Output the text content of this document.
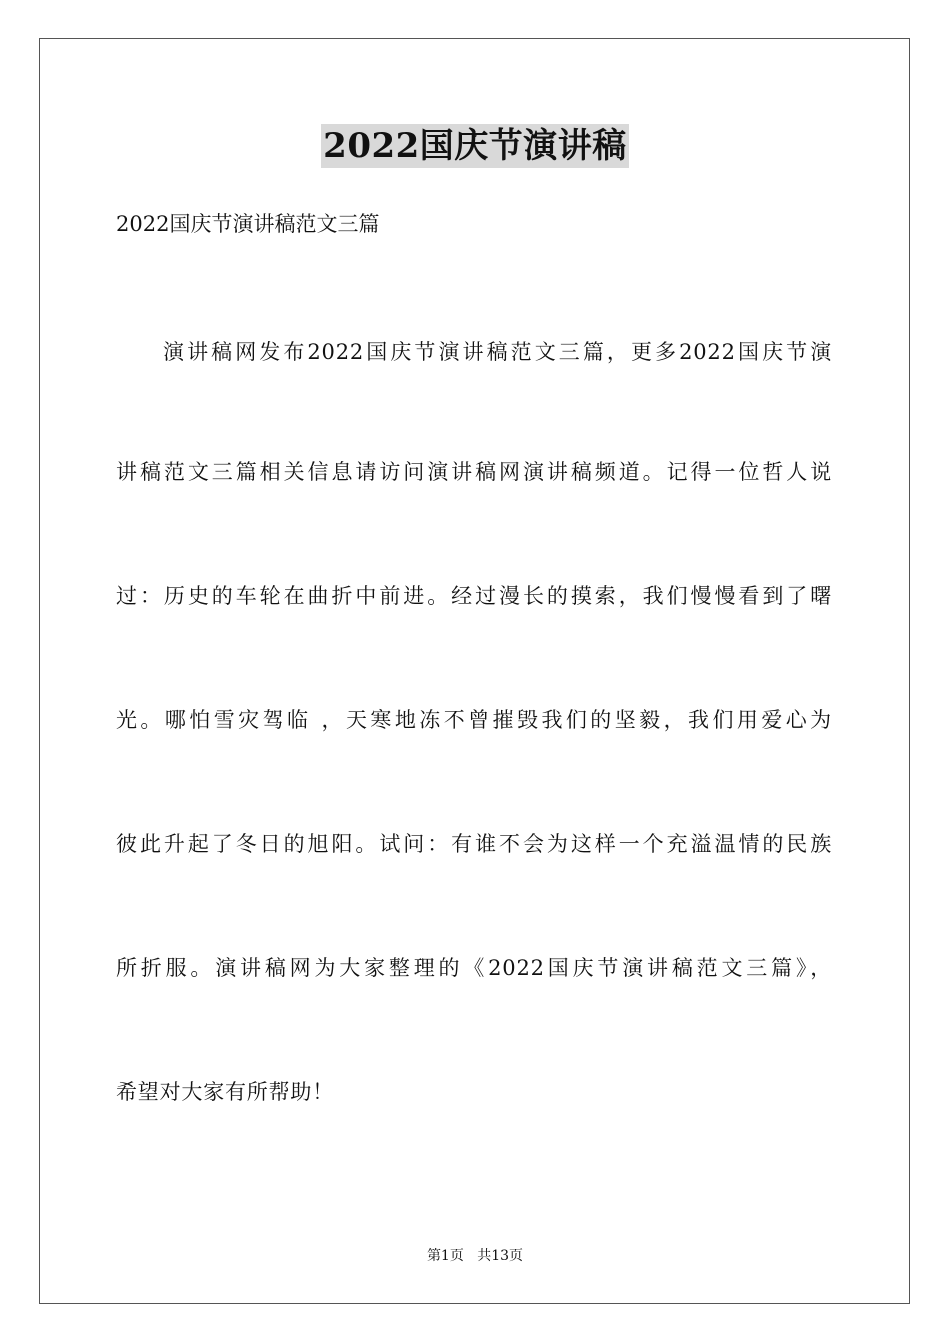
2022国庆节演讲稿
2022国庆节演讲稿范文三篇
演讲稿网发布2022国庆节演讲稿范文三篇，更多2022国庆节演
讲稿范文三篇相关信息请访问演讲稿网演讲稿频道。记得一位哲人说
过：历史的车轮在曲折中前进。经过漫长的摸索，我们慢慢看到了曙
光。哪怕雪灾驾临 ，天寒地冻不曾摧毁我们的坚毅，我们用爱心为
彼此升起了冬日的旭阳。试问：有谁不会为这样一个充溢温情的民族
所折服。演讲稿网为大家整理的《2022国庆节演讲稿范文三篇》，
希望对大家有所帮助！
第1页 共13页
